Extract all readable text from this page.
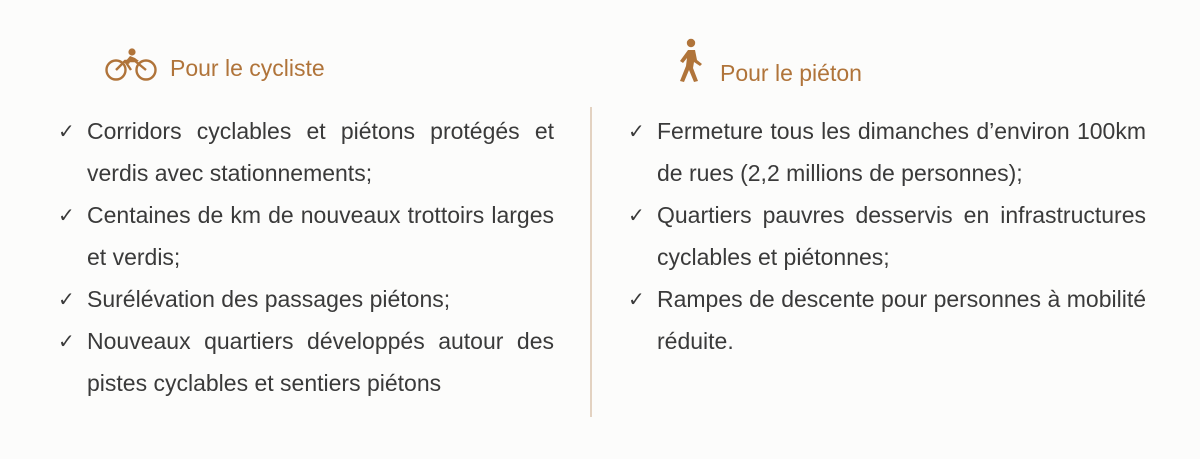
Pour le cycliste	Pour le piéton
✓ Corridors cyclables et piétons protégés et verdis avec stationnements;
✓ Centaines de km de nouveaux trottoirs larges et verdis;
✓ Surélévation des passages piétons;
✓ Nouveaux quartiers développés autour des pistes cyclables et sentiers piétons
✓ Fermeture tous les dimanches d’environ 100km de rues (2,2 millions de personnes);
✓ Quartiers pauvres desservis en infrastructures cyclables et piétonnes;
✓ Rampes de descente pour personnes à mobilité réduite.
